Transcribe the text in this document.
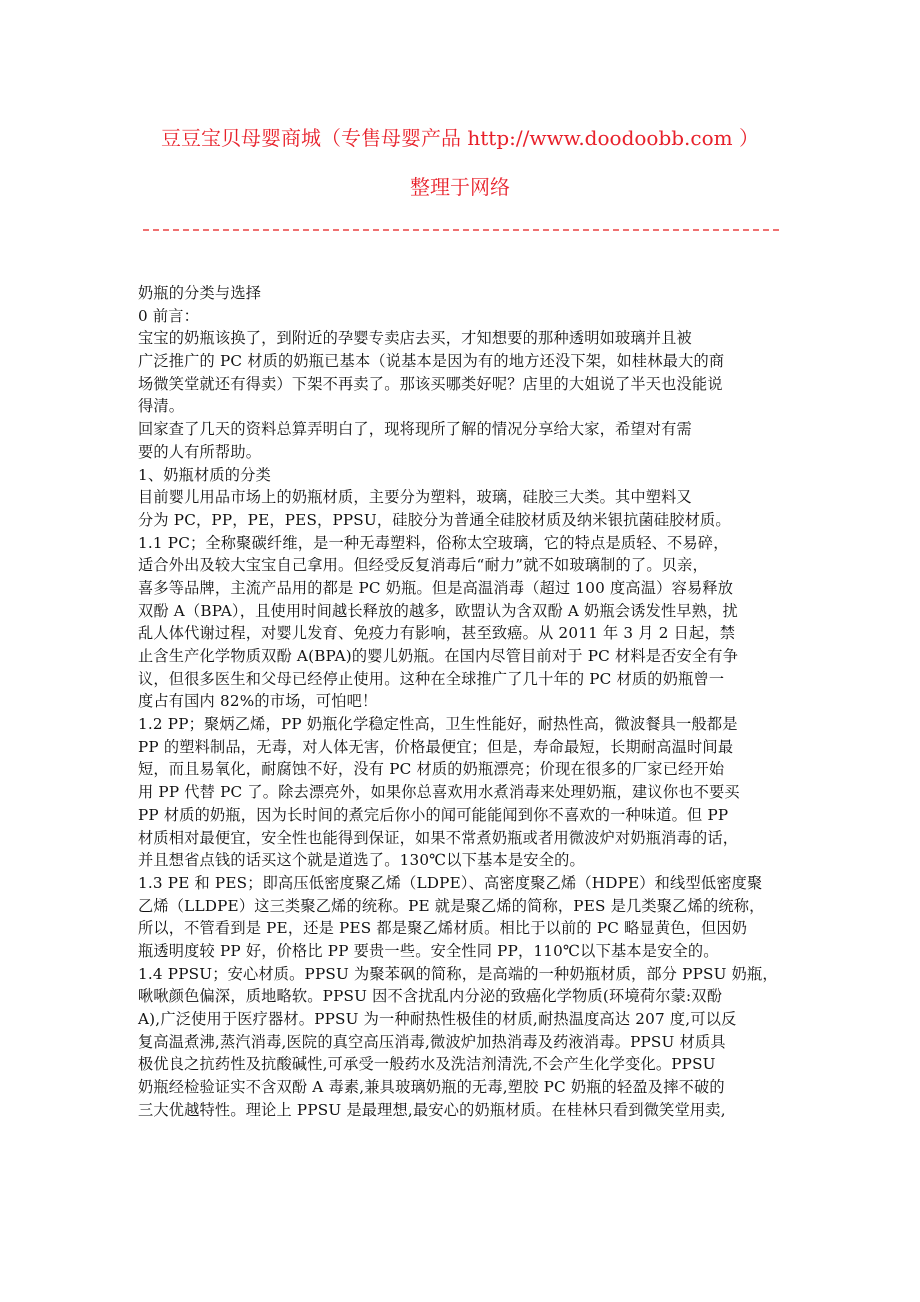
豆豆宝贝母婴商城（专售母婴产品 http://www.doodoobb.com ）
整理于网络
奶瓶的分类与选择
0 前言：
宝宝的奶瓶该换了，到附近的孕婴专卖店去买，才知想要的那种透明如玻璃并且被
广泛推广的 PC 材质的奶瓶已基本（说基本是因为有的地方还没下架，如桂林最大的商
场微笑堂就还有得卖）下架不再卖了。那该买哪类好呢？店里的大姐说了半天也没能说
得清。
回家查了几天的资料总算弄明白了，现将现所了解的情况分享给大家，希望对有需
要的人有所帮助。
1、奶瓶材质的分类
目前婴儿用品市场上的奶瓶材质，主要分为塑料，玻璃，硅胶三大类。其中塑料又
分为 PC，PP，PE，PES，PPSU，硅胶分为普通全硅胶材质及纳米银抗菌硅胶材质。
1.1 PC；全称聚碳纤维，是一种无毒塑料，俗称太空玻璃，它的特点是质轻、不易碎，
适合外出及较大宝宝自己拿用。但经受反复消毒后“耐力”就不如玻璃制的了。贝亲，
喜多等品牌，主流产品用的都是 PC 奶瓶。但是高温消毒（超过 100 度高温）容易释放
双酚 A（BPA），且使用时间越长释放的越多，欧盟认为含双酚 A 奶瓶会诱发性早熟，扰
乱人体代谢过程，对婴儿发育、免疫力有影响，甚至致癌。从 2011 年 3 月 2 日起，禁
止含生产化学物质双酚 A(BPA)的婴儿奶瓶。在国内尽管目前对于 PC 材料是否安全有争
议，但很多医生和父母已经停止使用。这种在全球推广了几十年的 PC 材质的奶瓶曾一
度占有国内 82%的市场，可怕吧！
1.2 PP；聚炳乙烯，PP 奶瓶化学稳定性高，卫生性能好，耐热性高，微波餐具一般都是
PP 的塑料制品，无毒，对人体无害，价格最便宜；但是，寿命最短，长期耐高温时间最
短，而且易氧化，耐腐蚀不好，没有 PC 材质的奶瓶漂亮；价现在很多的厂家已经开始
用 PP 代替 PC 了。除去漂亮外，如果你总喜欢用水煮消毒来处理奶瓶，建议你也不要买
PP 材质的奶瓶，因为长时间的煮完后你小的闻可能能闻到你不喜欢的一种味道。但 PP
材质相对最便宜，安全性也能得到保证，如果不常煮奶瓶或者用微波炉对奶瓶消毒的话，
并且想省点钱的话买这个就是道选了。130℃以下基本是安全的。
1.3 PE 和 PES；即高压低密度聚乙烯（LDPE）、高密度聚乙烯（HDPE）和线型低密度聚
乙烯（LLDPE）这三类聚乙烯的统称。PE 就是聚乙烯的简称，PES 是几类聚乙烯的统称，
所以，不管看到是 PE，还是 PES 都是聚乙烯材质。相比于以前的 PC 略显黄色，但因奶
瓶透明度较 PP 好，价格比 PP 要贵一些。安全性同 PP，110℃以下基本是安全的。
1.4 PPSU；安心材质。PPSU 为聚苯砜的简称，是高端的一种奶瓶材质，部分 PPSU 奶瓶，
啾啾颜色偏深，质地略软。PPSU 因不含扰乱内分泌的致癌化学物质(环境荷尔蒙:双酚
A),广泛使用于医疗器材。PPSU 为一种耐热性极佳的材质,耐热温度高达 207 度,可以反
复高温煮沸,蒸汽消毒,医院的真空高压消毒,微波炉加热消毒及药液消毒。PPSU 材质具
极优良之抗药性及抗酸碱性,可承受一般药水及洗洁剂清洗,不会产生化学变化。PPSU
奶瓶经检验证实不含双酚 A 毒素,兼具玻璃奶瓶的无毒,塑胶 PC 奶瓶的轻盈及摔不破的
三大优越特性。理论上 PPSU 是最理想,最安心的奶瓶材质。在桂林只看到微笑堂用卖,
